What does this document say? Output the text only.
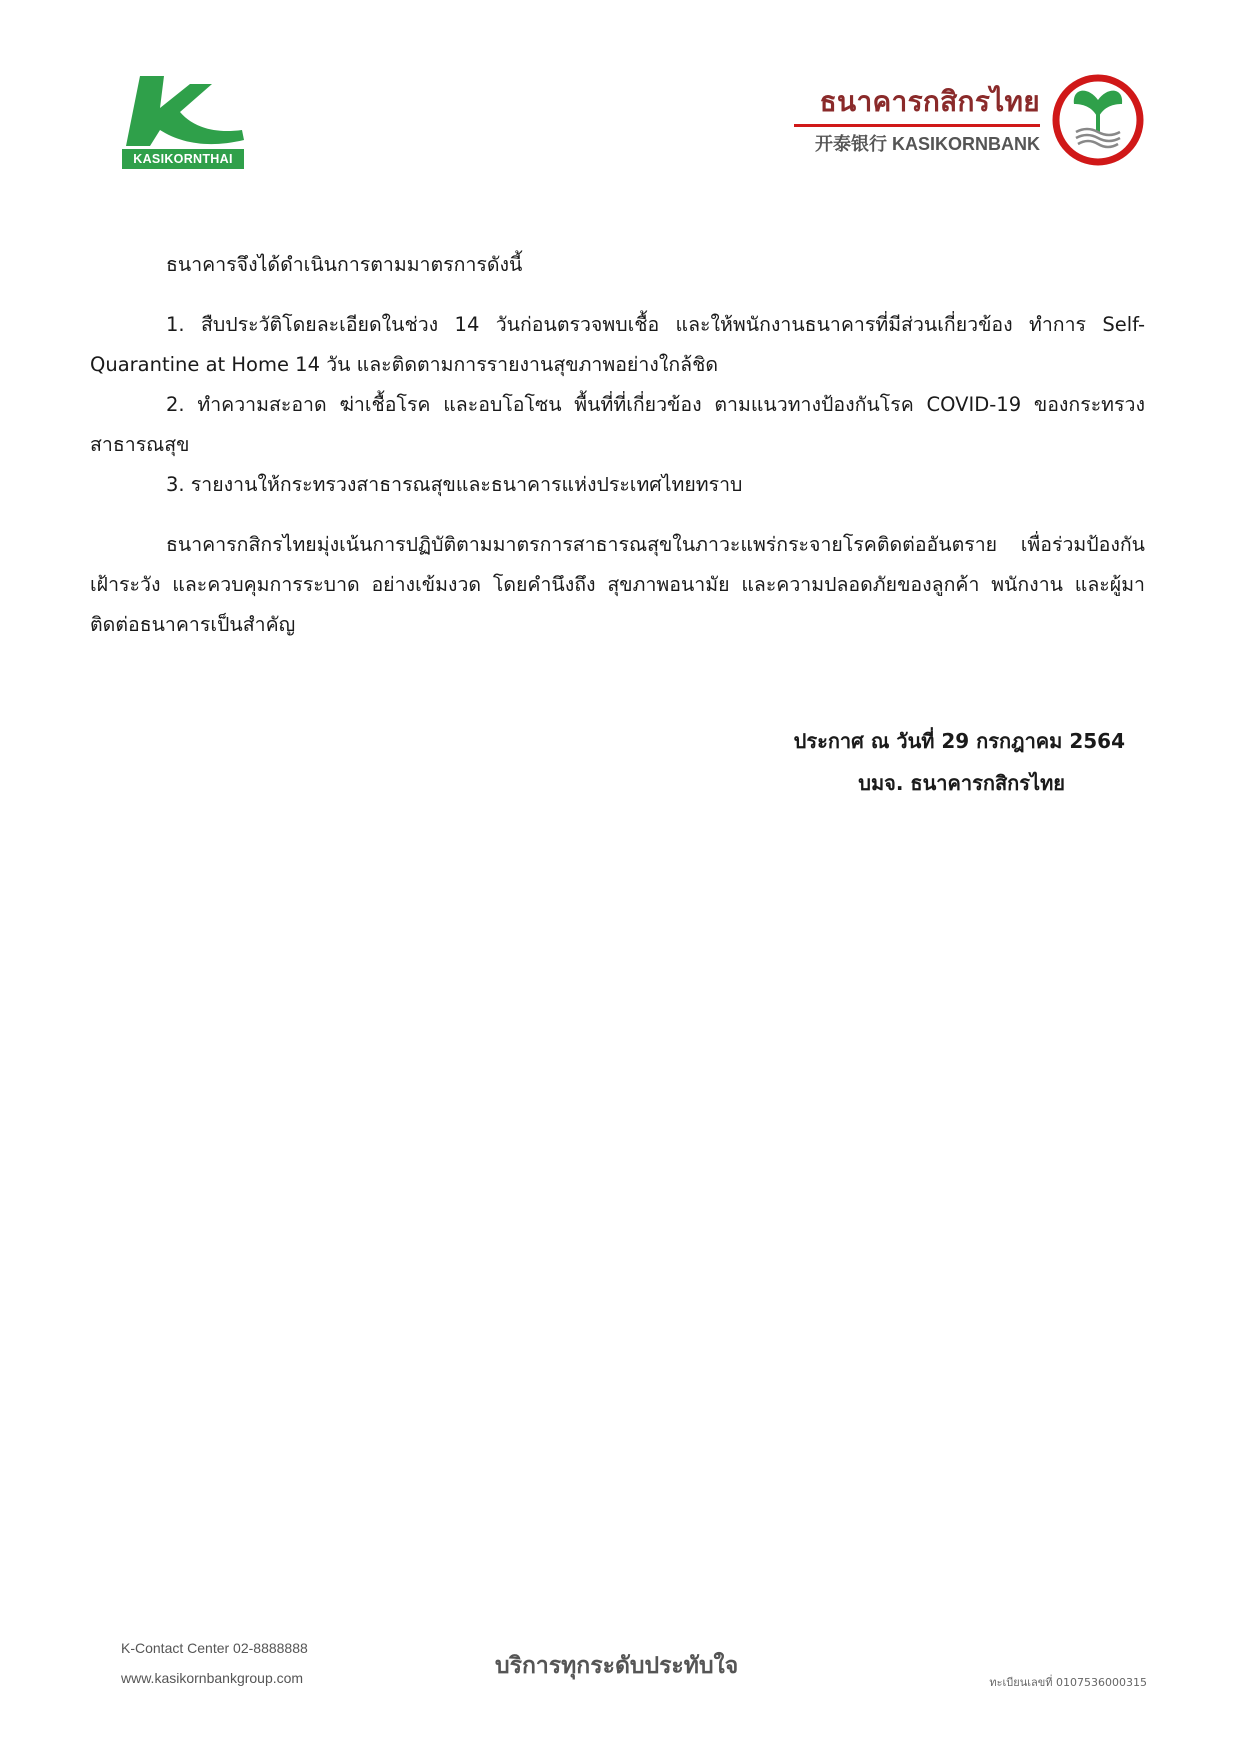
KASIKORNTHAI
ธนาคารกสิกรไทย
开泰银行 KASIKORNBANK
ธนาคารจึงได้ดำเนินการตามมาตรการดังนี้
1. สืบประวัติโดยละเอียดในช่วง 14 วันก่อนตรวจพบเชื้อ และให้พนักงานธนาคารที่มีส่วนเกี่ยวข้อง ทำการ Self-Quarantine at Home 14 วัน และติดตามการรายงานสุขภาพอย่างใกล้ชิด
2. ทำความสะอาด ฆ่าเชื้อโรค และอบโอโซน พื้นที่ที่เกี่ยวข้อง ตามแนวทางป้องกันโรค COVID-19 ของกระทรวงสาธารณสุข
3. รายงานให้กระทรวงสาธารณสุขและธนาคารแห่งประเทศไทยทราบ
ธนาคารกสิกรไทยมุ่งเน้นการปฏิบัติตามมาตรการสาธารณสุขในภาวะแพร่กระจายโรคติดต่ออันตราย เพื่อร่วมป้องกัน เฝ้าระวัง และควบคุมการระบาด อย่างเข้มงวด โดยคำนึงถึง สุขภาพอนามัย และความปลอดภัยของลูกค้า พนักงาน และผู้มาติดต่อธนาคารเป็นสำคัญ
ประกาศ ณ วันที่ 29 กรกฎาคม 2564
บมจ. ธนาคารกสิกรไทย
K-Contact Center 02-8888888
www.kasikornbankgroup.com	บริการทุกระดับประทับใจ
ทะเบียนเลขที่ 0107536000315
